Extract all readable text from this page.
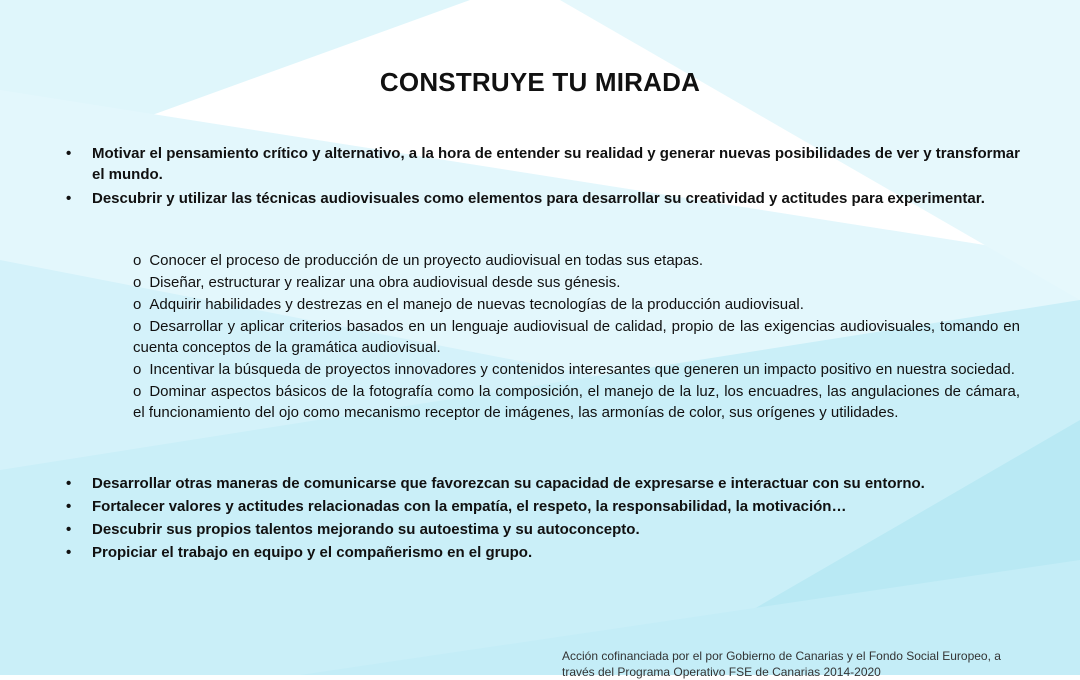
CONSTRUYE TU MIRADA
• Motivar el pensamiento crítico y alternativo, a la hora de entender su realidad y generar nuevas posibilidades de ver y transformar el mundo.
• Descubrir y utilizar las técnicas audiovisuales como elementos para desarrollar su creatividad y actitudes para experimentar.
o Conocer el proceso de producción de un proyecto audiovisual en todas sus etapas.
o Diseñar, estructurar y realizar una obra audiovisual desde sus génesis.
o Adquirir habilidades y destrezas en el manejo de nuevas tecnologías de la producción audiovisual.
o Desarrollar y aplicar criterios basados en un lenguaje audiovisual de calidad, propio de las exigencias audiovisuales, tomando en cuenta conceptos de la gramática audiovisual.
o Incentivar la búsqueda de proyectos innovadores y contenidos interesantes que generen un impacto positivo en nuestra sociedad.
o Dominar aspectos básicos de la fotografía como la composición, el manejo de la luz, los encuadres, las angulaciones de cámara, el funcionamiento del ojo como mecanismo receptor de imágenes, las armonías de color, sus orígenes y utilidades.
• Desarrollar otras maneras de comunicarse que favorezcan su capacidad de expresarse e interactuar con su entorno.
• Fortalecer valores y actitudes relacionadas con la empatía, el respeto, la responsabilidad, la motivación…
• Descubrir sus propios talentos mejorando su autoestima y su autoconcepto.
• Propiciar el trabajo en equipo y el compañerismo en el grupo.
Acción cofinanciada por el por Gobierno de Canarias y el Fondo Social Europeo, a
través del Programa Operativo FSE de Canarias 2014-2020
